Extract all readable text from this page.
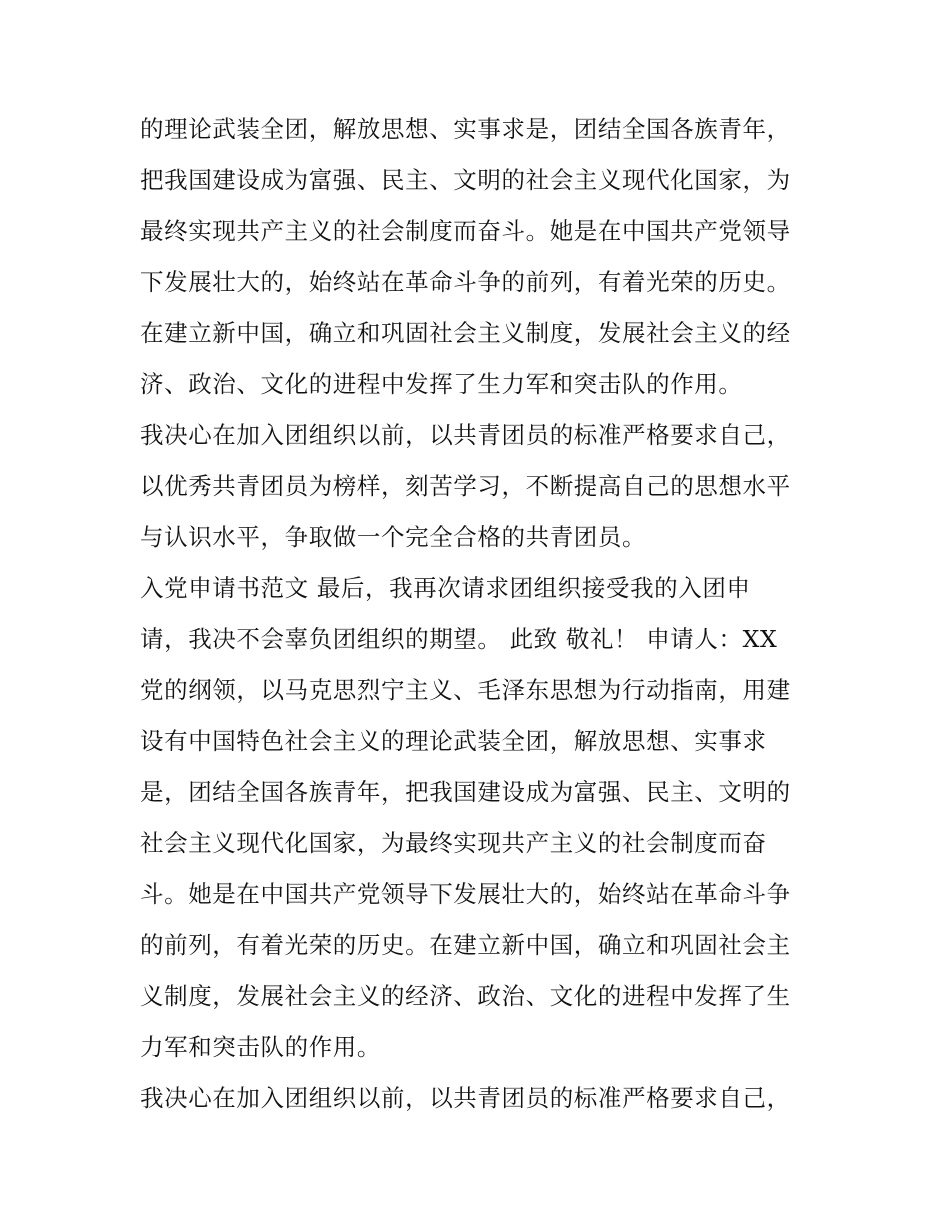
的理论武装全团，解放思想、实事求是，团结全国各族青年，
把我国建设成为富强、民主、文明的社会主义现代化国家，为
最终实现共产主义的社会制度而奋斗。她是在中国共产党领导
下发展壮大的，始终站在革命斗争的前列，有着光荣的历史。
在建立新中国，确立和巩固社会主义制度，发展社会主义的经
济、政治、文化的进程中发挥了生力军和突击队的作用。
我决心在加入团组织以前，以共青团员的标准严格要求自己，
以优秀共青团员为榜样，刻苦学习，不断提高自己的思想水平
与认识水平，争取做一个完全合格的共青团员。
入党申请书范文 最后，我再次请求团组织接受我的入团申
请，我决不会辜负团组织的期望。 此致 敬礼！ 申请人：XX
党的纲领，以马克思烈宁主义、毛泽东思想为行动指南，用建
设有中国特色社会主义的理论武装全团，解放思想、实事求
是，团结全国各族青年，把我国建设成为富强、民主、文明的
社会主义现代化国家，为最终实现共产主义的社会制度而奋
斗。她是在中国共产党领导下发展壮大的，始终站在革命斗争
的前列，有着光荣的历史。在建立新中国，确立和巩固社会主
义制度，发展社会主义的经济、政治、文化的进程中发挥了生
力军和突击队的作用。
我决心在加入团组织以前，以共青团员的标准严格要求自己，
